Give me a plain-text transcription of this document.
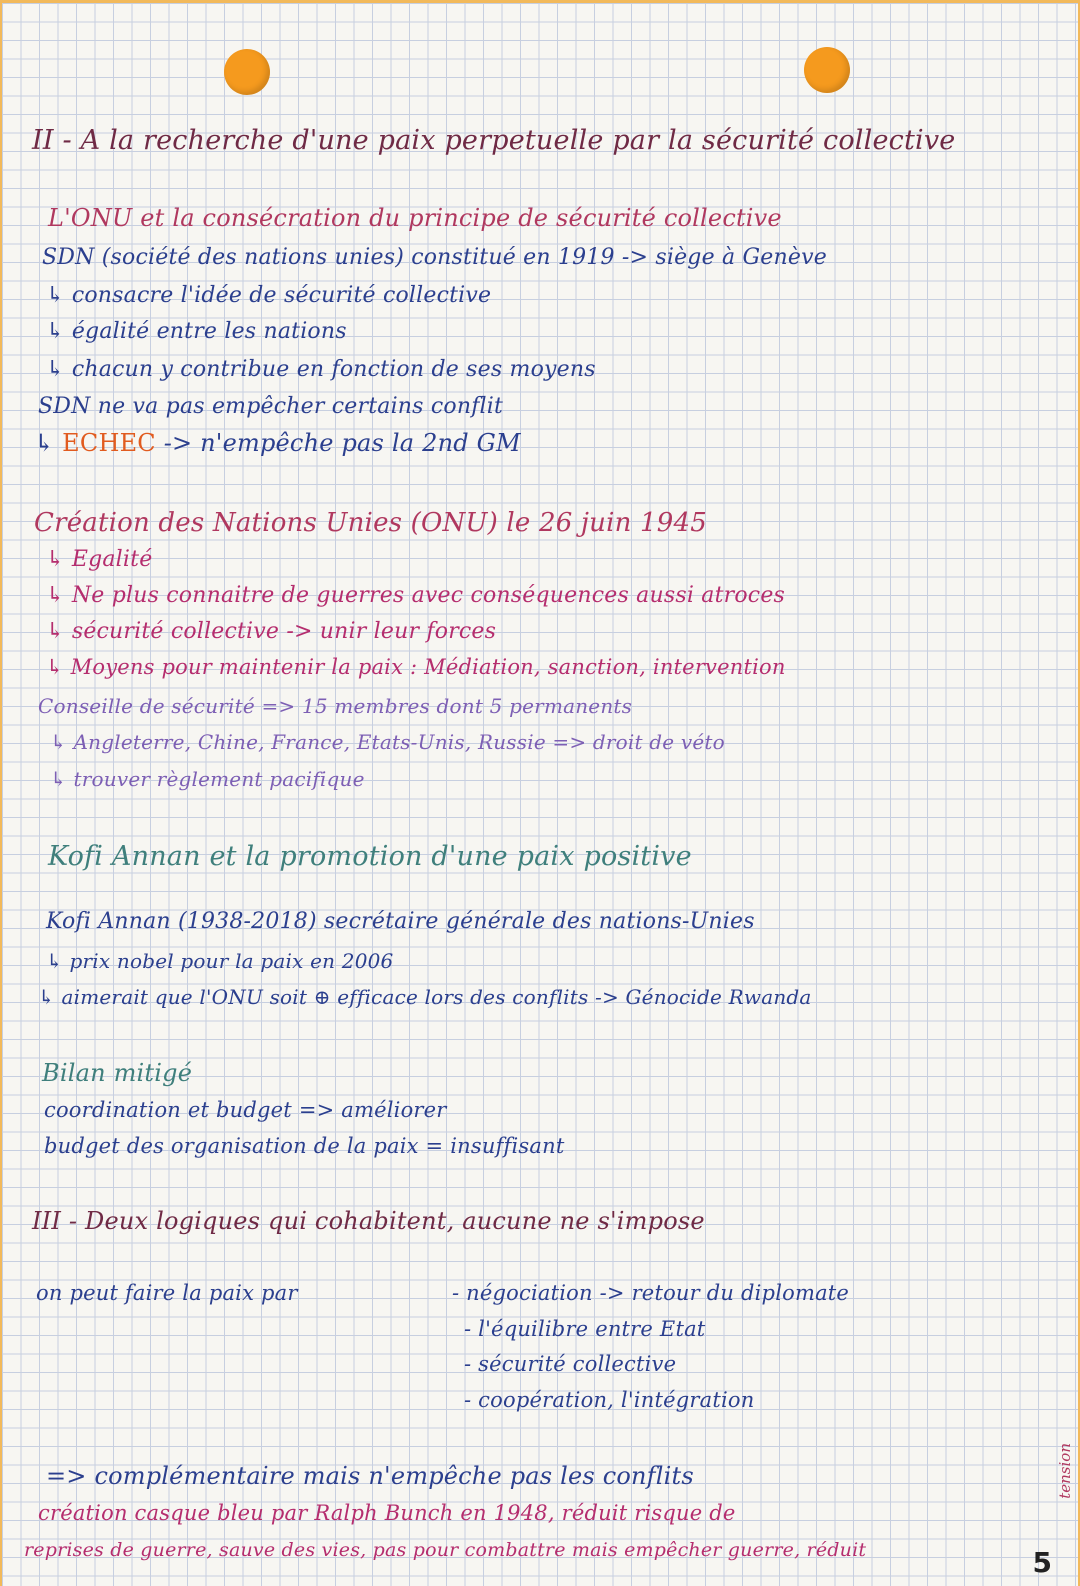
II - A la recherche d'une paix perpetuelle par la sécurité collective
L'ONU et la consécration du principe de sécurité collective
SDN (société des nations unies) constitué en 1919 -> siège à Genève
↳ consacre l'idée de sécurité collective
↳ égalité entre les nations
↳ chacun y contribue en fonction de ses moyens
SDN ne va pas empêcher certains conflit
↳ ECHEC -> n'empêche pas la 2nd GM
Création des Nations Unies (ONU) le 26 juin 1945
↳ Egalité
↳ Ne plus connaitre de guerres avec conséquences aussi atroces
↳ sécurité collective -> unir leur forces
↳ Moyens pour maintenir la paix : Médiation, sanction, intervention
Conseille de sécurité => 15 membres dont 5 permanents
↳ Angleterre, Chine, France, Etats-Unis, Russie => droit de véto
↳ trouver règlement pacifique
Kofi Annan et la promotion d'une paix positive
Kofi Annan (1938-2018) secrétaire générale des nations-Unies
↳ prix nobel pour la paix en 2006
↳ aimerait que l'ONU soit ⊕ efficace lors des conflits -> Génocide Rwanda
Bilan mitigé
coordination et budget => améliorer
budget des organisation de la paix = insuffisant
III - Deux logiques qui cohabitent, aucune ne s'impose
on peut faire la paix par	- négociation -> retour du diplomate
- l'équilibre entre Etat
- sécurité collective
- coopération, l'intégration
=> complémentaire mais n'empêche pas les conflits
création casque bleu par Ralph Bunch en 1948, réduit risque de
reprises de guerre, sauve des vies, pas pour combattre mais empêcher guerre, réduit
tension
5
